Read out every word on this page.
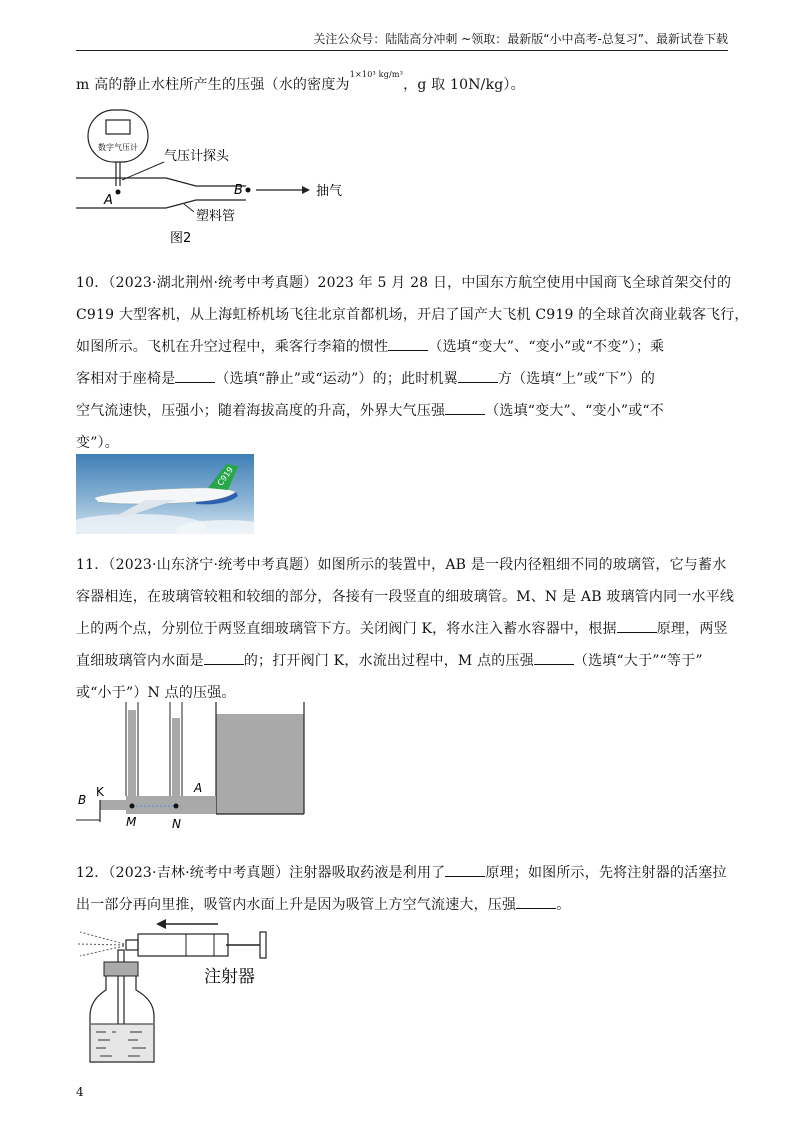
关注公众号：陆陆高分冲刺 ~领取：最新版“小中高考-总复习”、最新试卷下载
m 高的静止水柱所产生的压强（水的密度为$^{1\times 10^3 kg/m^3}$，g 取 10N/kg）。
数字气压计
A
B
气压计探头
抽气
塑料管
图2
10．（2023·湖北荆州·统考中考真题）2023 年 5 月 28 日，中国东方航空使用中国商飞全球首架交付的
C919 大型客机，从上海虹桥机场飞往北京首都机场，开启了国产大飞机 C919 的全球首次商业载客飞行，
如图所示。飞机在升空过程中，乘客行李箱的惯性	（选填“变大”、“变小”或“不变”）；乘
客相对于座椅是	（选填“静止”或“运动”）的；此时机翼	方（选填“上”或“下”）的
空气流速快，压强小；随着海拔高度的升高，外界大气压强	（选填“变大”、“变小”或“不
变”）。
C919
11．（2023·山东济宁·统考中考真题）如图所示的装置中，AB 是一段内径粗细不同的玻璃管，它与蓄水
容器相连，在玻璃管较粗和较细的部分，各接有一段竖直的细玻璃管。M、N 是 AB 玻璃管内同一水平线
上的两个点，分别位于两竖直细玻璃管下方。关闭阀门 K，将水注入蓄水容器中，根据	原理，两竖
直细玻璃管内水面是	的；打开阀门 K，水流出过程中，M 点的压强	（选填“大于”“等于”
或“小于”）N 点的压强。
B
K	A
M	N
12．（2023·吉林·统考中考真题）注射器吸取药液是利用了	原理；如图所示，先将注射器的活塞拉
出一部分再向里推，吸管内水面上升是因为吸管上方空气流速大，压强	。
注射器
4
